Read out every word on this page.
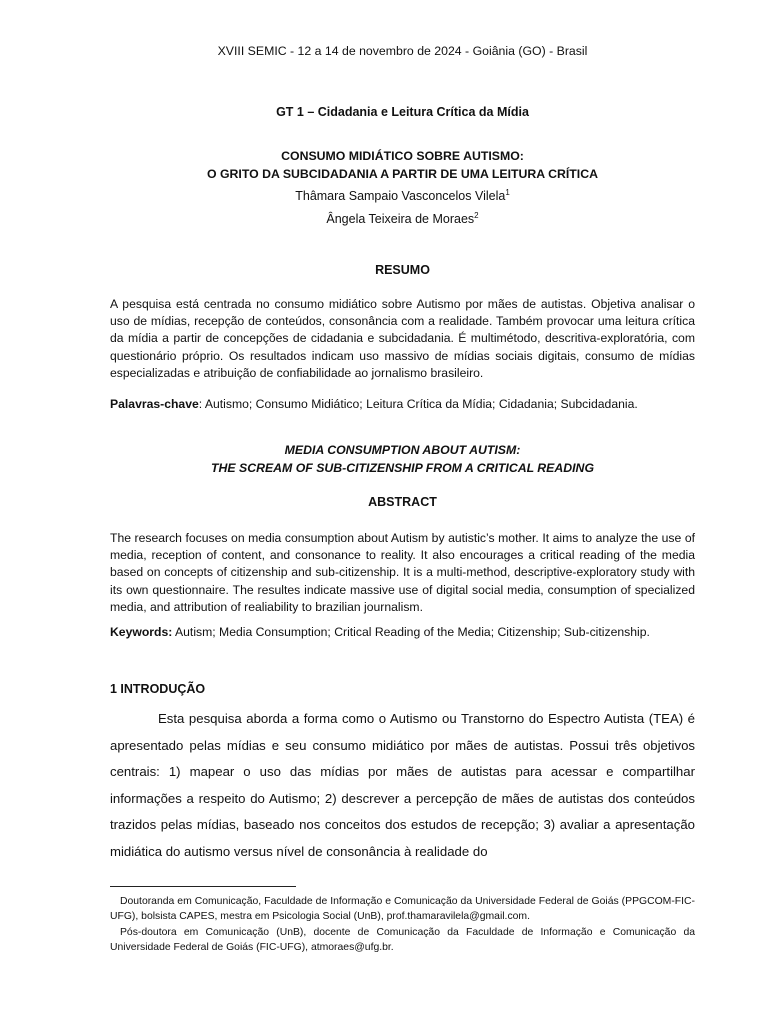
XVIII SEMIC - 12 a 14 de novembro de 2024 - Goiânia (GO) - Brasil
GT 1 – Cidadania e Leitura Crítica da Mídia
CONSUMO MIDIÁTICO SOBRE AUTISMO:
O GRITO DA SUBCIDADANIA A PARTIR DE UMA LEITURA CRÍTICA
Thâmara Sampaio Vasconcelos Vilela$^1$
Ângela Teixeira de Moraes$^2$
RESUMO
A pesquisa está centrada no consumo midiático sobre Autismo por mães de autistas. Objetiva analisar o uso de mídias, recepção de conteúdos, consonância com a realidade. Também provocar uma leitura crítica da mídia a partir de concepções de cidadania e subcidadania. É multimétodo, descritiva-exploratória, com questionário próprio. Os resultados indicam uso massivo de mídias sociais digitais, consumo de mídias especializadas e atribuição de confiabilidade ao jornalismo brasileiro.
Palavras-chave: Autismo; Consumo Midiático; Leitura Crítica da Mídia; Cidadania; Subcidadania.
MEDIA CONSUMPTION ABOUT AUTISM:
THE SCREAM OF SUB-CITIZENSHIP FROM A CRITICAL READING
ABSTRACT
The research focuses on media consumption about Autism by autistic’s mother. It aims to analyze the use of media, reception of content, and consonance to reality. It also encourages a critical reading of the media based on concepts of citizenship and sub-citizenship. It is a multi-method, descriptive-exploratory study with its own questionnaire. The resultes indicate massive use of digital social media, consumption of specialized media, and attribution of realiability to brazilian journalism.
Keywords: Autism; Media Consumption; Critical Reading of the Media; Citizenship; Sub-citizenship.
1 INTRODUÇÃO
Esta pesquisa aborda a forma como o Autismo ou Transtorno do Espectro Autista (TEA) é apresentado pelas mídias e seu consumo midiático por mães de autistas. Possui três objetivos centrais: 1) mapear o uso das mídias por mães de autistas para acessar e compartilhar informações a respeito do Autismo; 2) descrever a percepção de mães de autistas dos conteúdos trazidos pelas mídias, baseado nos conceitos dos estudos de recepção; 3) avaliar a apresentação midiática do autismo versus nível de consonância à realidade do
Doutoranda em Comunicação, Faculdade de Informação e Comunicação da Universidade Federal de Goiás (PPGCOM-FIC-UFG), bolsista CAPES, mestra em Psicologia Social (UnB), prof.thamaravilela@gmail.com.
Pós-doutora em Comunicação (UnB), docente de Comunicação da Faculdade de Informação e Comunicação da Universidade Federal de Goiás (FIC-UFG), atmoraes@ufg.br.
